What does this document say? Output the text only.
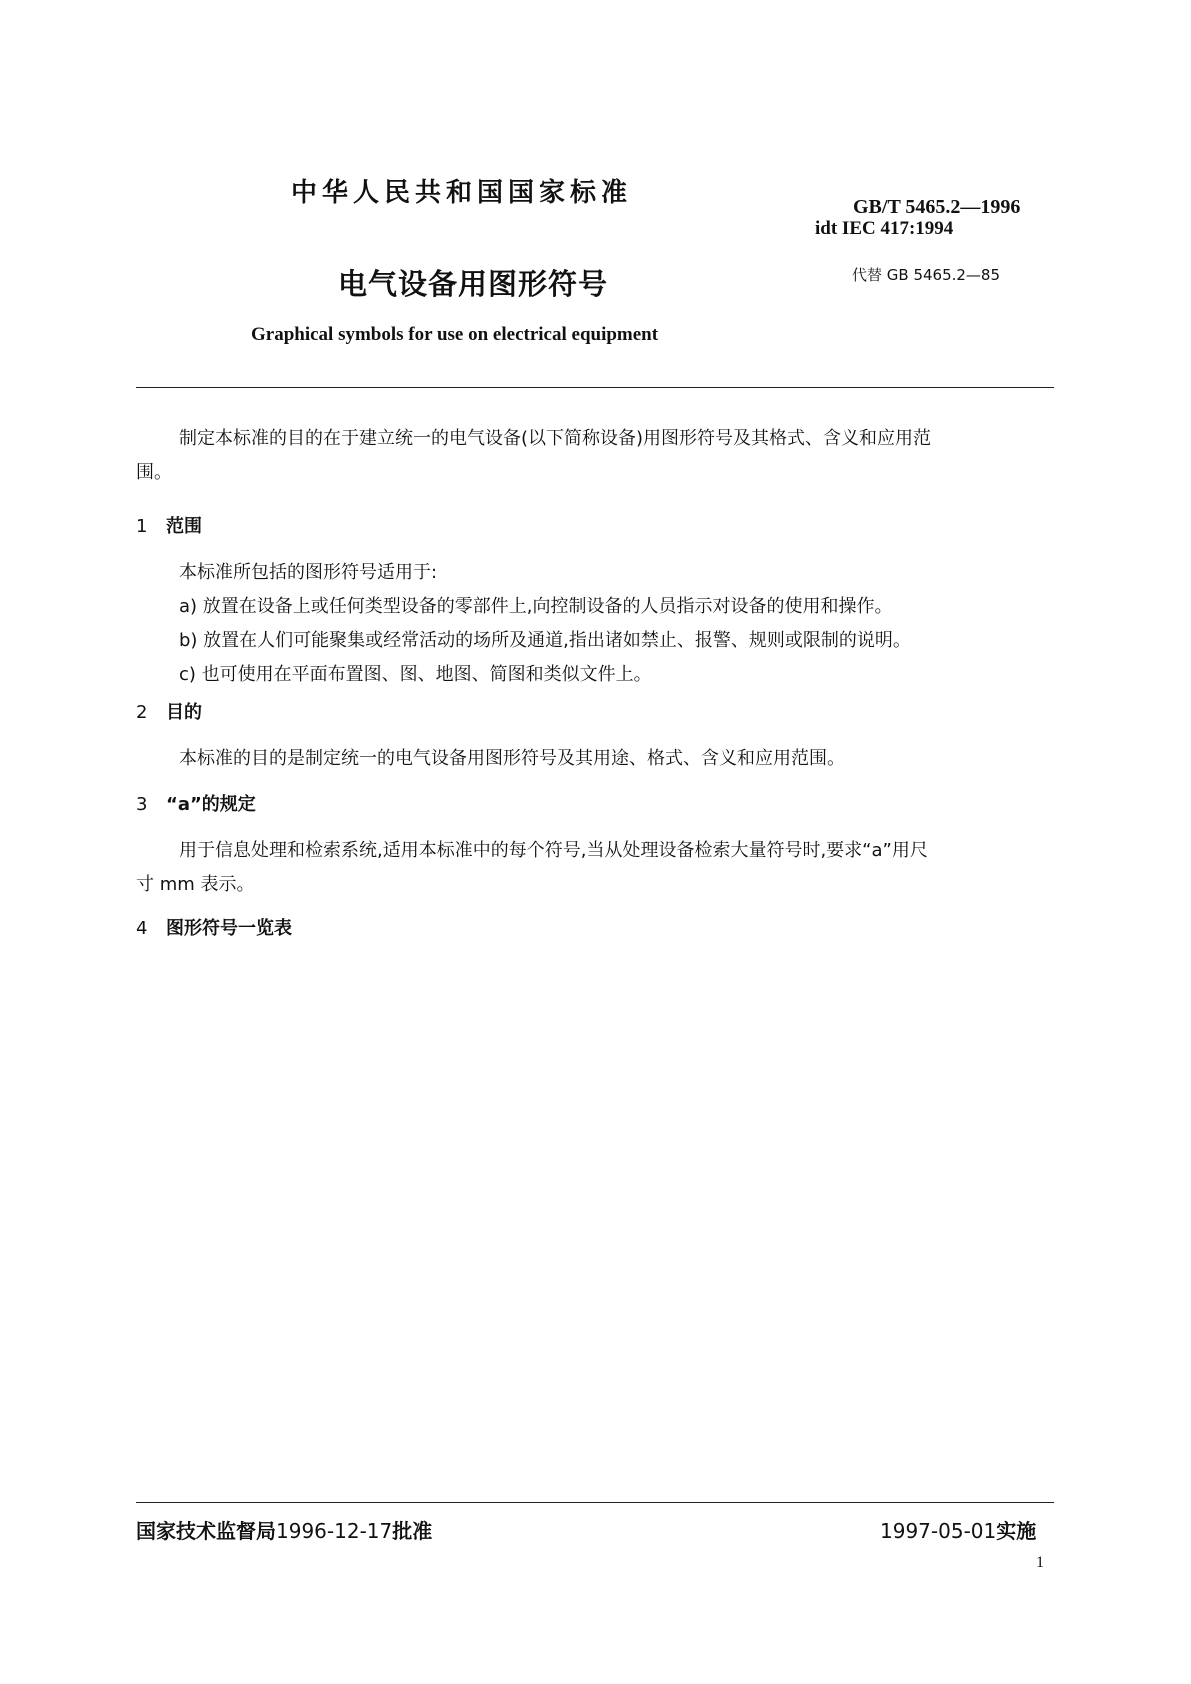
中华人民共和国国家标准	GB/T 5465.2—1996
idt IEC 417:1994
电气设备用图形符号	代替 GB 5465.2—85
Graphical symbols for use on electrical equipment
制定本标准的目的在于建立统一的电气设备(以下简称设备)用图形符号及其格式、含义和应用范
围。
1 范围
本标准所包括的图形符号适用于:
a) 放置在设备上或任何类型设备的零部件上,向控制设备的人员指示对设备的使用和操作。
b) 放置在人们可能聚集或经常活动的场所及通道,指出诸如禁止、报警、规则或限制的说明。
c) 也可使用在平面布置图、图、地图、简图和类似文件上。
2 目的
本标准的目的是制定统一的电气设备用图形符号及其用途、格式、含义和应用范围。
3 “a”的规定
用于信息处理和检索系统,适用本标准中的每个符号,当从处理设备检索大量符号时,要求“a”用尺
寸 mm 表示。
4 图形符号一览表
国家技术监督局1996-12-17批准	1997-05-01实施
1
